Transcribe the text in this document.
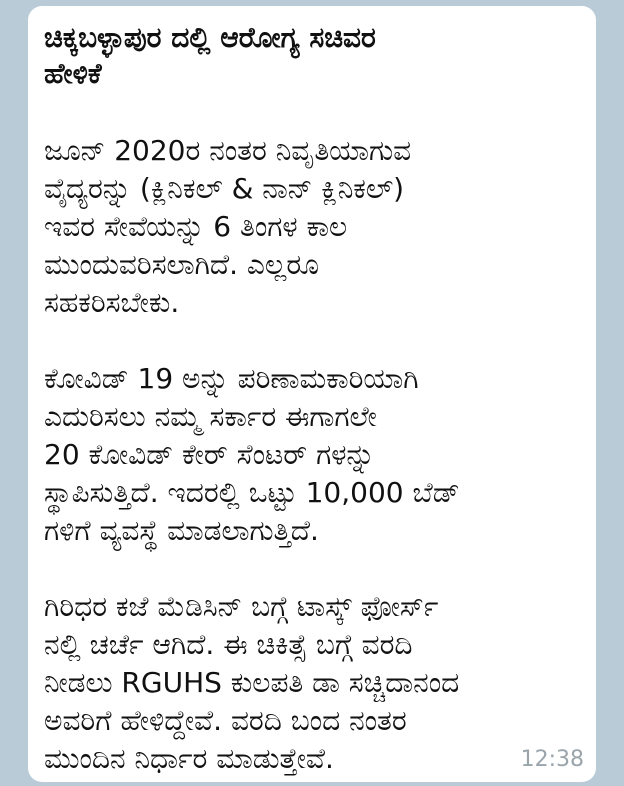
ಚಿಕ್ಕಬಳ್ಳಾಪುರ ದಲ್ಲಿ ಆರೋಗ್ಯ ಸಚಿವರ
ಹೇಳಿಕೆ
ಜೂನ್ 2020ರ ನಂತರ ನಿವೃತಿಯಾಗುವ
ವೈದ್ಯರನ್ನು (ಕ್ಲಿನಿಕಲ್ & ನಾನ್ ಕ್ಲಿನಿಕಲ್)
ಇವರ ಸೇವೆಯನ್ನು 6 ತಿಂಗಳ ಕಾಲ
ಮುಂದುವರಿಸಲಾಗಿದೆ. ಎಲ್ಲರೂ
ಸಹಕರಿಸಬೇಕು.
ಕೋವಿಡ್ 19 ಅನ್ನು ಪರಿಣಾಮಕಾರಿಯಾಗಿ
ಎದುರಿಸಲು ನಮ್ಮ ಸರ್ಕಾರ ಈಗಾಗಲೇ
20 ಕೋವಿಡ್ ಕೇರ್ ಸೆಂಟರ್ ಗಳನ್ನು
ಸ್ಥಾಪಿಸುತ್ತಿದೆ. ಇದರಲ್ಲಿ ಒಟ್ಟು 10,000 ಬೆಡ್
ಗಳಿಗೆ ವ್ಯವಸ್ಥೆ ಮಾಡಲಾಗುತ್ತಿದೆ.
ಗಿರಿಧರ ಕಜೆ ಮೆಡಿಸಿನ್ ಬಗ್ಗೆ ಟಾಸ್ಕ್ ಫೋರ್ಸ್
ನಲ್ಲಿ ಚರ್ಚೆ ಆಗಿದೆ. ಈ ಚಿಕಿತ್ಸೆ ಬಗ್ಗೆ ವರದಿ
ನೀಡಲು RGUHS ಕುಲಪತಿ ಡಾ ಸಚ್ಚಿದಾನಂದ
ಅವರಿಗೆ ಹೇಳಿದ್ದೇವೆ. ವರದಿ ಬಂದ ನಂತರ
ಮುಂದಿನ ನಿರ್ಧಾರ ಮಾಡುತ್ತೇವೆ.	12:38
